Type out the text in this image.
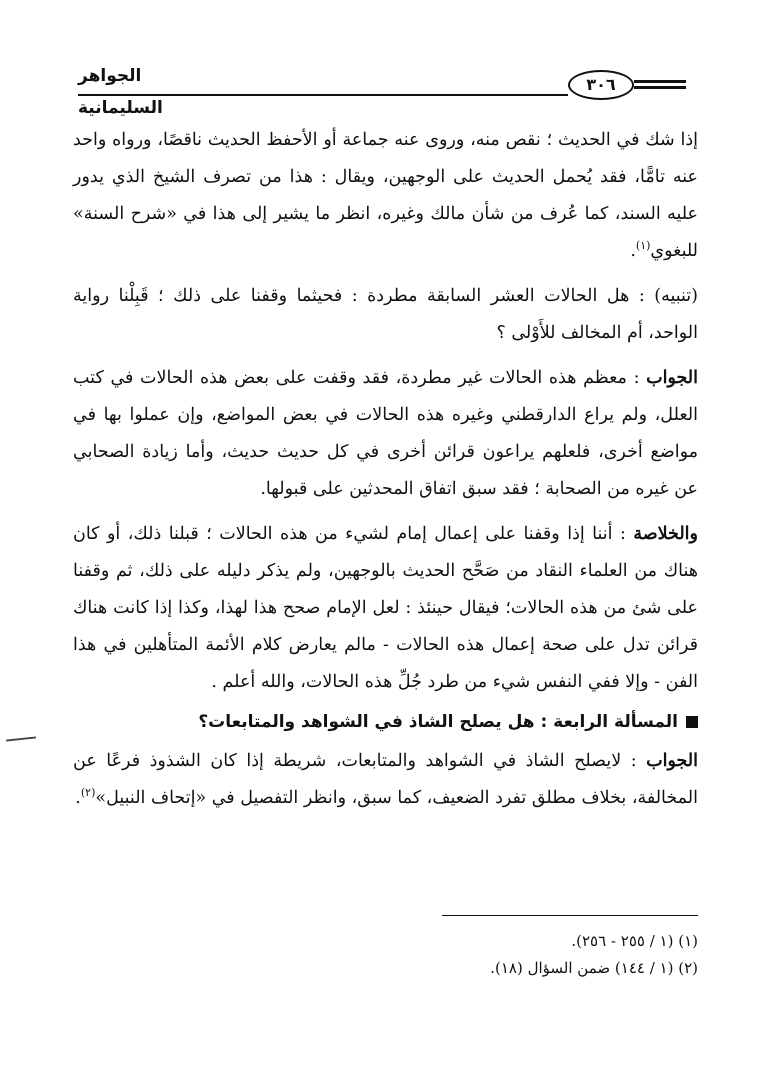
الجواهر السليمانية
٣٠٦

إذا شك في الحديث ؛ نقص منه، وروى عنه جماعة أو الأحفظ الحديث ناقصًا، ورواه واحد عنه تامًّا، فقد يُحمل الحديث على الوجهين، ويقال : هذا من تصرف الشيخ الذي يدور عليه السند، كما عُرف من شأن مالك وغيره، انظر ما يشير إلى هذا في «شرح السنة» للبغوي$^{(١)}$.

(تنبيه) : هل الحالات العشر السابقة مطردة : فحيثما وقفنا على ذلك ؛ قَبِلْنا رواية الواحد، أم المخالف للأَوْلى ؟

الجواب : معظم هذه الحالات غير مطردة، فقد وقفت على بعض هذه الحالات في كتب العلل، ولم يراع الدارقطني وغيره هذه الحالات في بعض المواضع، وإن عملوا بها في مواضع أخرى، فلعلهم يراعون قرائن أخرى في كل حديث حديث، وأما زيادة الصحابي عن غيره من الصحابة ؛ فقد سبق اتفاق المحدثين على قبولها.

والخلاصة : أننا إذا وقفنا على إعمال إمام لشيء من هذه الحالات ؛ قبلنا ذلك، أو كان هناك من العلماء النقاد من صَحَّح الحديث بالوجهين، ولم يذكر دليله على ذلك، ثم وقفنا على شئ من هذه الحالات؛ فيقال حينئذ : لعل الإمام صحح هذا لهذا، وكذا إذا كانت هناك قرائن تدل على صحة إعمال هذه الحالات - مالم يعارض كلام الأئمة المتأهلين في هذا الفن - وإلا ففي النفس شيء من طرد جُلِّ هذه الحالات، والله أعلم .

المسألة الرابعة : هل يصلح الشاذ في الشواهد والمتابعات؟

الجواب : لايصلح الشاذ في الشواهد والمتابعات، شريطة إذا كان الشذوذ فرعًا عن المخالفة، بخلاف مطلق تفرد الضعيف، كما سبق، وانظر التفصيل في «إتحاف النبيل»$^{(٢)}$.

(١) (١ / ٢٥٥ - ٢٥٦).
(٢) (١ / ١٤٤) ضمن السؤال (١٨).
